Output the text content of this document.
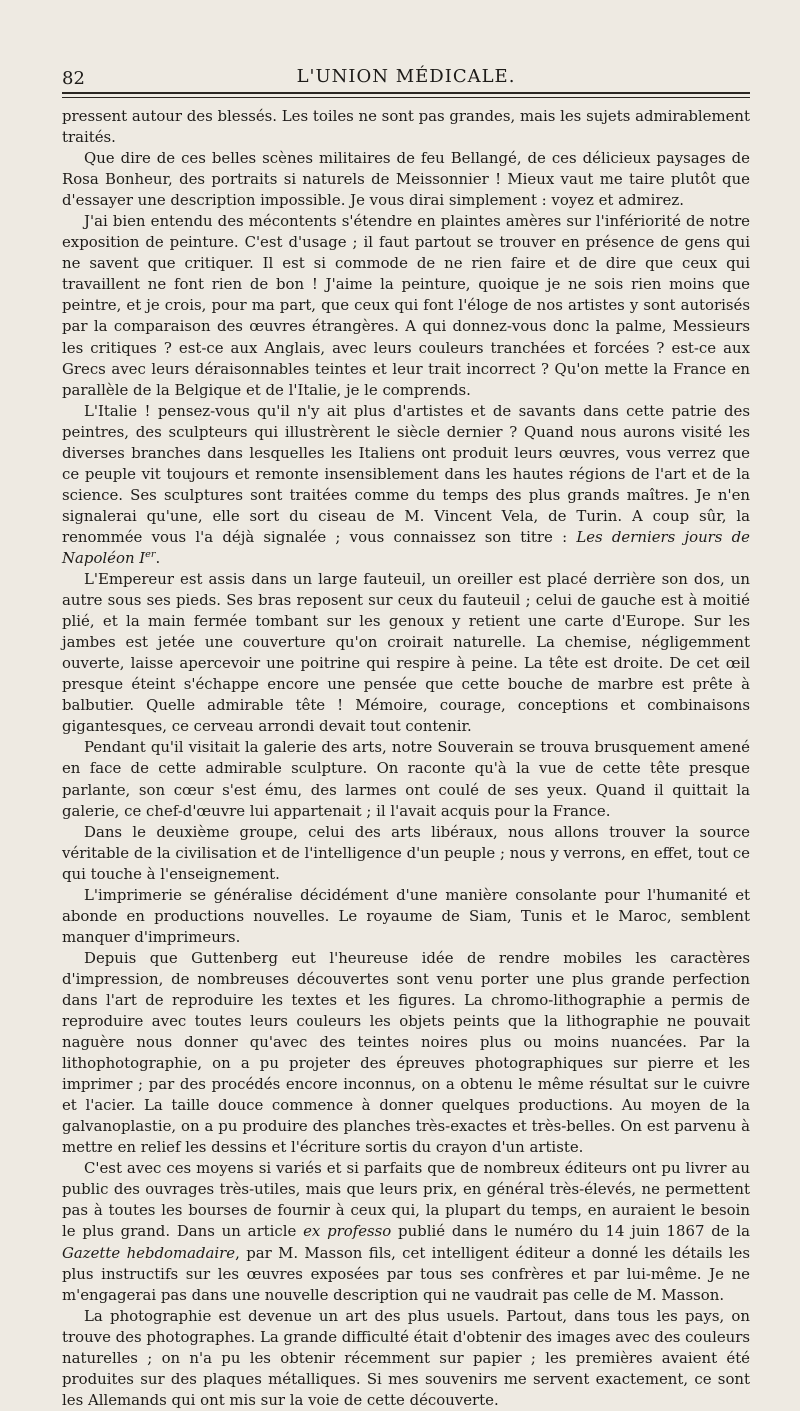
82	L'UNION MÉDICALE.

pressent autour des blessés. Les toiles ne sont pas grandes, mais les sujets admirablement traités.

Que dire de ces belles scènes militaires de feu Bellangé, de ces délicieux paysages de Rosa Bonheur, des portraits si naturels de Meissonnier ! Mieux vaut me taire plutôt que d'essayer une description impossible. Je vous dirai simplement : voyez et admirez.

J'ai bien entendu des mécontents s'étendre en plaintes amères sur l'infériorité de notre exposition de peinture. C'est d'usage ; il faut partout se trouver en présence de gens qui ne savent que critiquer. Il est si commode de ne rien faire et de dire que ceux qui travaillent ne font rien de bon ! J'aime la peinture, quoique je ne sois rien moins que peintre, et je crois, pour ma part, que ceux qui font l'éloge de nos artistes y sont autorisés par la comparaison des œuvres étrangères. A qui donnez-vous donc la palme, Messieurs les critiques ? est-ce aux Anglais, avec leurs couleurs tranchées et forcées ? est-ce aux Grecs avec leurs déraisonnables teintes et leur trait incorrect ? Qu'on mette la France en parallèle de la Belgique et de l'Italie, je le comprends.

L'Italie ! pensez-vous qu'il n'y ait plus d'artistes et de savants dans cette patrie des peintres, des sculpteurs qui illustrèrent le siècle dernier ? Quand nous aurons visité les diverses branches dans lesquelles les Italiens ont produit leurs œuvres, vous verrez que ce peuple vit toujours et remonte insensiblement dans les hautes régions de l'art et de la science. Ses sculptures sont traitées comme du temps des plus grands maîtres. Je n'en signalerai qu'une, elle sort du ciseau de M. Vincent Vela, de Turin. A coup sûr, la renommée vous l'a déjà signalée ; vous connaissez son titre : Les derniers jours de Napoléon Ier.

L'Empereur est assis dans un large fauteuil, un oreiller est placé derrière son dos, un autre sous ses pieds. Ses bras reposent sur ceux du fauteuil ; celui de gauche est à moitié plié, et la main fermée tombant sur les genoux y retient une carte d'Europe. Sur les jambes est jetée une couverture qu'on croirait naturelle. La chemise, négligemment ouverte, laisse apercevoir une poitrine qui respire à peine. La tête est droite. De cet œil presque éteint s'échappe encore une pensée que cette bouche de marbre est prête à balbutier. Quelle admirable tête ! Mémoire, courage, conceptions et combinaisons gigantesques, ce cerveau arrondi devait tout contenir.

Pendant qu'il visitait la galerie des arts, notre Souverain se trouva brusquement amené en face de cette admirable sculpture. On raconte qu'à la vue de cette tête presque parlante, son cœur s'est ému, des larmes ont coulé de ses yeux. Quand il quittait la galerie, ce chef-d'œuvre lui appartenait ; il l'avait acquis pour la France.

Dans le deuxième groupe, celui des arts libéraux, nous allons trouver la source véritable de la civilisation et de l'intelligence d'un peuple ; nous y verrons, en effet, tout ce qui touche à l'enseignement.

L'imprimerie se généralise décidément d'une manière consolante pour l'humanité et abonde en productions nouvelles. Le royaume de Siam, Tunis et le Maroc, semblent manquer d'imprimeurs.

Depuis que Guttenberg eut l'heureuse idée de rendre mobiles les caractères d'impression, de nombreuses découvertes sont venu porter une plus grande perfection dans l'art de reproduire les textes et les figures. La chromo-lithographie a permis de reproduire avec toutes leurs couleurs les objets peints que la lithographie ne pouvait naguère nous donner qu'avec des teintes noires plus ou moins nuancées. Par la lithophotographie, on a pu projeter des épreuves photographiques sur pierre et les imprimer ; par des procédés encore inconnus, on a obtenu le même résultat sur le cuivre et l'acier. La taille douce commence à donner quelques productions. Au moyen de la galvanoplastie, on a pu produire des planches très-exactes et très-belles. On est parvenu à mettre en relief les dessins et l'écriture sortis du crayon d'un artiste.

C'est avec ces moyens si variés et si parfaits que de nombreux éditeurs ont pu livrer au public des ouvrages très-utiles, mais que leurs prix, en général très-élevés, ne permettent pas à toutes les bourses de fournir à ceux qui, la plupart du temps, en auraient le besoin le plus grand. Dans un article ex professo publié dans le numéro du 14 juin 1867 de la Gazette hebdomadaire, par M. Masson fils, cet intelligent éditeur a donné les détails les plus instructifs sur les œuvres exposées par tous ses confrères et par lui-même. Je ne m'engagerai pas dans une nouvelle description qui ne vaudrait pas celle de M. Masson.

La photographie est devenue un art des plus usuels. Partout, dans tous les pays, on trouve des photographes. La grande difficulté était d'obtenir des images avec des couleurs naturelles ; on n'a pu les obtenir récemment sur papier ; les premières avaient été produites sur des plaques métalliques. Si mes souvenirs me servent exactement, ce sont les Allemands qui ont mis sur la voie de cette découverte.
